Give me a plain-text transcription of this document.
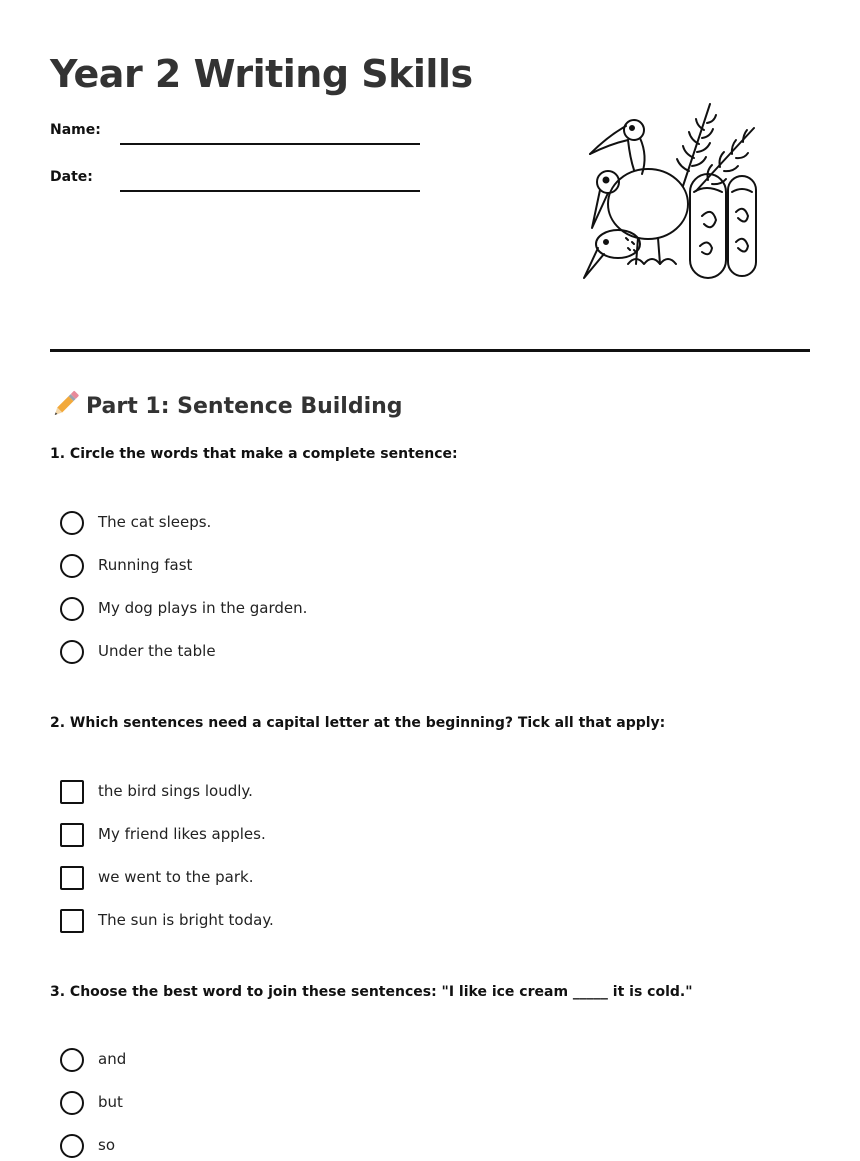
Year 2 Writing Skills
Name:
Date:
Part 1: Sentence Building

1. Circle the words that make a complete sentence:

The cat sleeps.
Running fast
My dog plays in the garden.
Under the table

2. Which sentences need a capital letter at the beginning? Tick all that apply:

the bird sings loudly.
My friend likes apples.
we went to the park.
The sun is bright today.

3. Choose the best word to join these sentences: "I like ice cream _____ it is cold."

and
but
so
